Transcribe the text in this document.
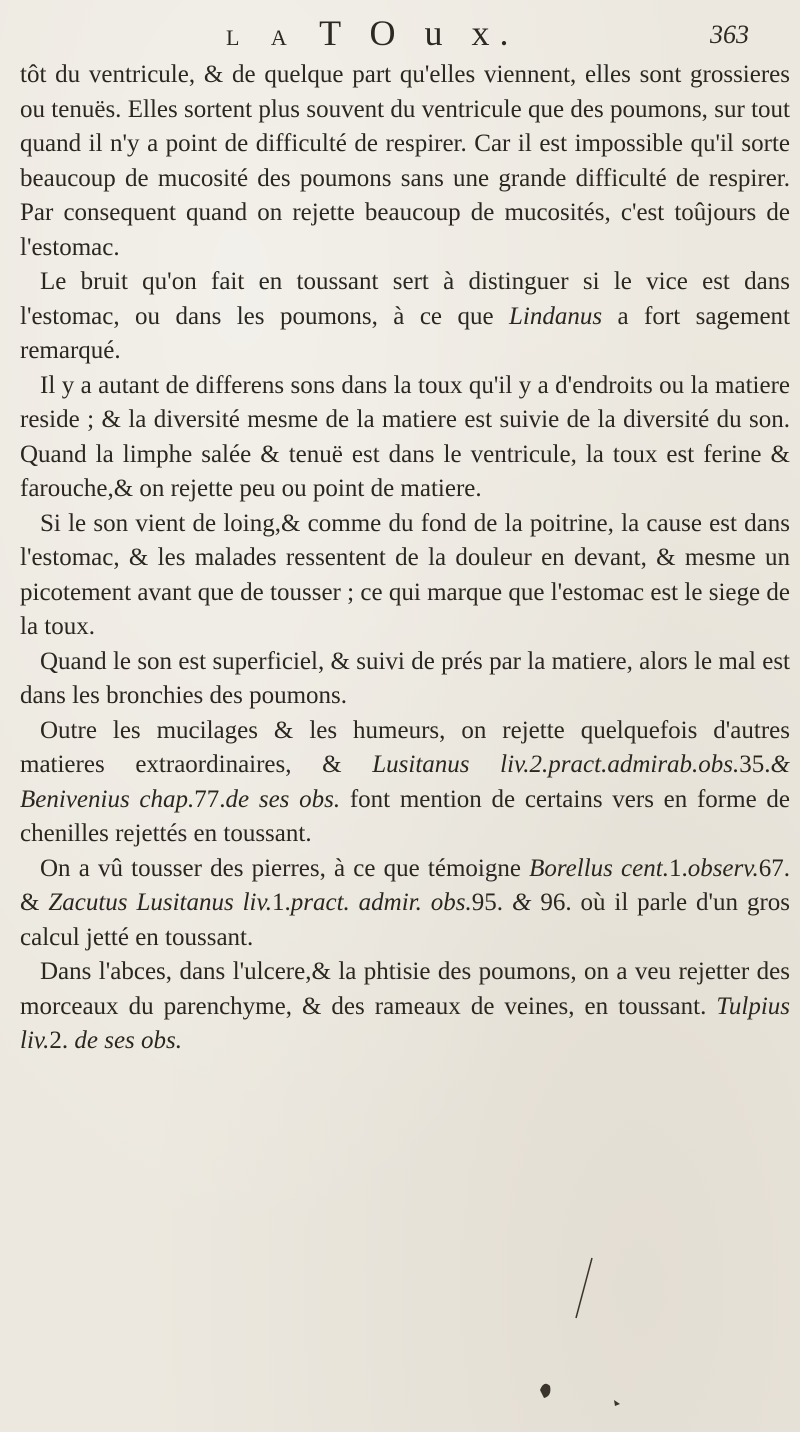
L A T O u x.	363

tôt du ventricule, & de quelque part qu'elles viennent, elles sont grossieres ou tenuës. Elles sortent plus souvent du ventricule que des poumons, sur tout quand il n'y a point de difficulté de respirer. Car il est impossible qu'il sorte beaucoup de mucosité des poumons sans une grande difficulté de respirer. Par consequent quand on rejette beaucoup de mucosités, c'est toûjours de l'estomac.

Le bruit qu'on fait en toussant sert à distinguer si le vice est dans l'estomac, ou dans les poumons, à ce que Lindanus a fort sagement remarqué.

Il y a autant de differens sons dans la toux qu'il y a d'endroits ou la matiere reside ; & la diversité mesme de la matiere est suivie de la diversité du son. Quand la limphe salée & tenuë est dans le ventricule, la toux est ferine & farouche,& on rejette peu ou point de matiere.

Si le son vient de loing,& comme du fond de la poitrine, la cause est dans l'estomac, & les malades ressentent de la douleur en devant, & mesme un picotement avant que de tousser ; ce qui marque que l'estomac est le siege de la toux.

Quand le son est superficiel, & suivi de prés par la matiere, alors le mal est dans les bronchies des poumons.

Outre les mucilages & les humeurs, on rejette quelquefois d'autres matieres extraordinaires, & Lusitanus liv.2.pract.admirab.obs.35.& Benivenius chap.77.de ses obs. font mention de certains vers en forme de chenilles rejettés en toussant.

On a vû tousser des pierres, à ce que témoigne Borellus cent.1.observ.67. & Zacutus Lusitanus liv.1.pract. admir. obs.95. & 96. où il parle d'un gros calcul jetté en toussant.

Dans l'abces, dans l'ulcere,& la phtisie des poumons, on a veu rejetter des morceaux du parenchyme, & des rameaux de veines, en toussant. Tulpius liv.2. de ses obs.
